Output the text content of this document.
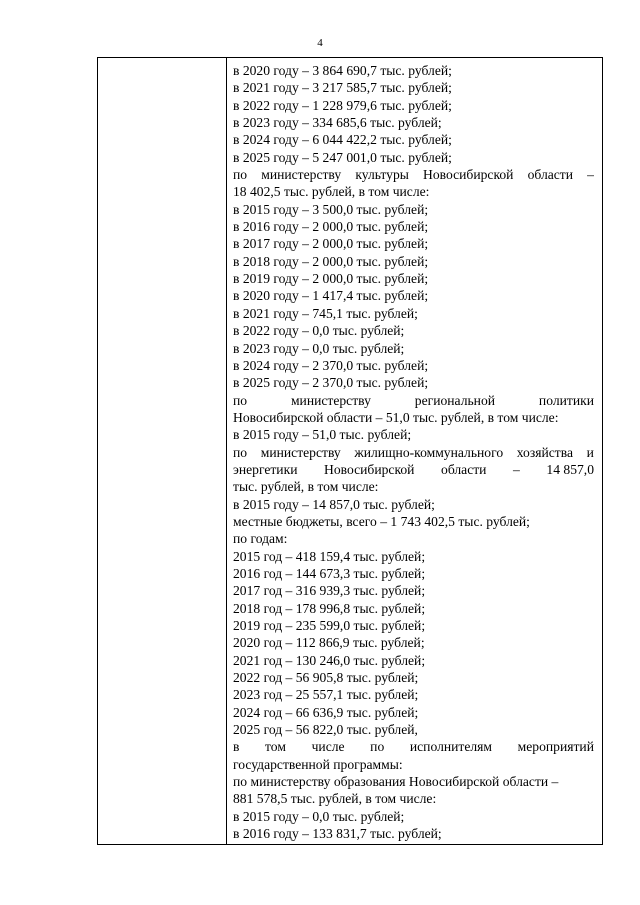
4
в 2020 году – 3 864 690,7 тыс. рублей;
в 2021 году – 3 217 585,7 тыс. рублей;
в 2022 году – 1 228 979,6 тыс. рублей;
в 2023 году – 334 685,6 тыс. рублей;
в 2024 году – 6 044 422,2 тыс. рублей;
в 2025 году – 5 247 001,0 тыс. рублей;
по министерству культуры Новосибирской области –
18 402,5 тыс. рублей, в том числе:
в 2015 году – 3 500,0 тыс. рублей;
в 2016 году – 2 000,0 тыс. рублей;
в 2017 году – 2 000,0 тыс. рублей;
в 2018 году – 2 000,0 тыс. рублей;
в 2019 году – 2 000,0 тыс. рублей;
в 2020 году – 1 417,4 тыс. рублей;
в 2021 году – 745,1 тыс. рублей;
в 2022 году – 0,0 тыс. рублей;
в 2023 году – 0,0 тыс. рублей;
в 2024 году – 2 370,0 тыс. рублей;
в 2025 году – 2 370,0 тыс. рублей;
по	министерству	региональной	политики
Новосибирской области – 51,0 тыс. рублей, в том числе:
в 2015 году – 51,0 тыс. рублей;
по министерству жилищно-коммунального хозяйства и
энергетики Новосибирской области – 14 857,0
тыс. рублей, в том числе:
в 2015 году – 14 857,0 тыс. рублей;
местные бюджеты, всего – 1 743 402,5 тыс. рублей;
по годам:
2015 год – 418 159,4 тыс. рублей;
2016 год – 144 673,3 тыс. рублей;
2017 год – 316 939,3 тыс. рублей;
2018 год – 178 996,8 тыс. рублей;
2019 год – 235 599,0 тыс. рублей;
2020 год – 112 866,9 тыс. рублей;
2021 год – 130 246,0 тыс. рублей;
2022 год – 56 905,8 тыс. рублей;
2023 год – 25 557,1 тыс. рублей;
2024 год – 66 636,9 тыс. рублей;
2025 год – 56 822,0 тыс. рублей,
в том числе по исполнителям мероприятий
государственной программы:
по министерству образования Новосибирской области –
881 578,5 тыс. рублей, в том числе:
в 2015 году – 0,0 тыс. рублей;
в 2016 году – 133 831,7 тыс. рублей;
